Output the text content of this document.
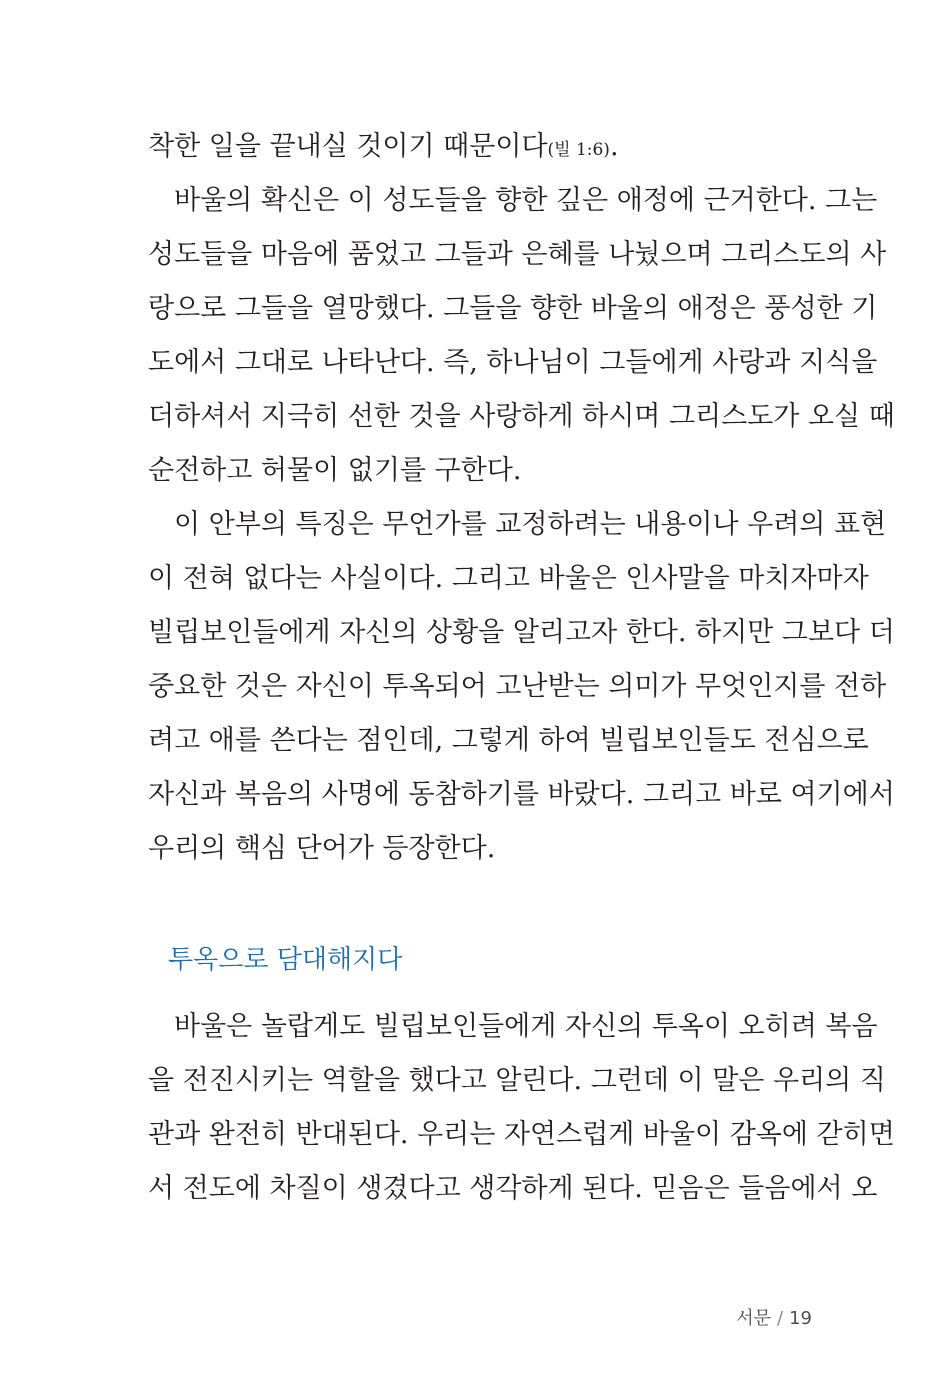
착한 일을 끝내실 것이기 때문이다(빌 1:6).
바울의 확신은 이 성도들을 향한 깊은 애정에 근거한다. 그는
성도들을 마음에 품었고 그들과 은혜를 나눴으며 그리스도의 사
랑으로 그들을 열망했다. 그들을 향한 바울의 애정은 풍성한 기
도에서 그대로 나타난다. 즉, 하나님이 그들에게 사랑과 지식을
더하셔서 지극히 선한 것을 사랑하게 하시며 그리스도가 오실 때
순전하고 허물이 없기를 구한다.
이 안부의 특징은 무언가를 교정하려는 내용이나 우려의 표현
이 전혀 없다는 사실이다. 그리고 바울은 인사말을 마치자마자
빌립보인들에게 자신의 상황을 알리고자 한다. 하지만 그보다 더
중요한 것은 자신이 투옥되어 고난받는 의미가 무엇인지를 전하
려고 애를 쓴다는 점인데, 그렇게 하여 빌립보인들도 전심으로
자신과 복음의 사명에 동참하기를 바랐다. 그리고 바로 여기에서
우리의 핵심 단어가 등장한다.
투옥으로 담대해지다
바울은 놀랍게도 빌립보인들에게 자신의 투옥이 오히려 복음
을 전진시키는 역할을 했다고 알린다. 그런데 이 말은 우리의 직
관과 완전히 반대된다. 우리는 자연스럽게 바울이 감옥에 갇히면
서 전도에 차질이 생겼다고 생각하게 된다. 믿음은 들음에서 오
서문 / 19
